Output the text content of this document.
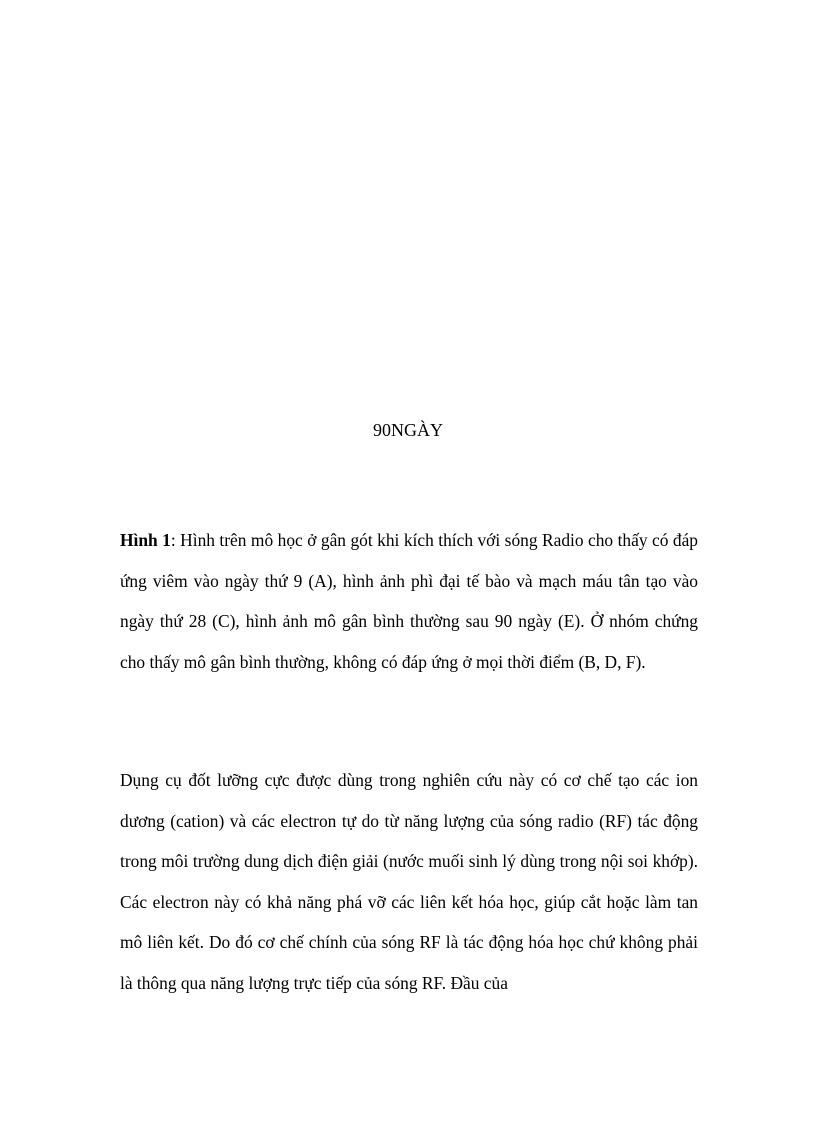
90NGÀY

Hình 1: Hình trên mô học ở gân gót khi kích thích với sóng Radio cho thấy có đáp ứng viêm vào ngày thứ 9 (A), hình ảnh phì đại tế bào và mạch máu tân tạo vào ngày thứ 28 (C), hình ảnh mô gân bình thường sau 90 ngày (E). Ở nhóm chứng cho thấy mô gân bình thường, không có đáp ứng ở mọi thời điểm (B, D, F).

Dụng cụ đốt lưỡng cực được dùng trong nghiên cứu này có cơ chế tạo các ion dương (cation) và các electron tự do từ năng lượng của sóng radio (RF) tác động trong môi trường dung dịch điện giải (nước muối sinh lý dùng trong nội soi khớp). Các electron này có khả năng phá vỡ các liên kết hóa học, giúp cắt hoặc làm tan mô liên kết. Do đó cơ chế chính của sóng RF là tác động hóa học chứ không phải là thông qua năng lượng trực tiếp của sóng RF. Đầu của
